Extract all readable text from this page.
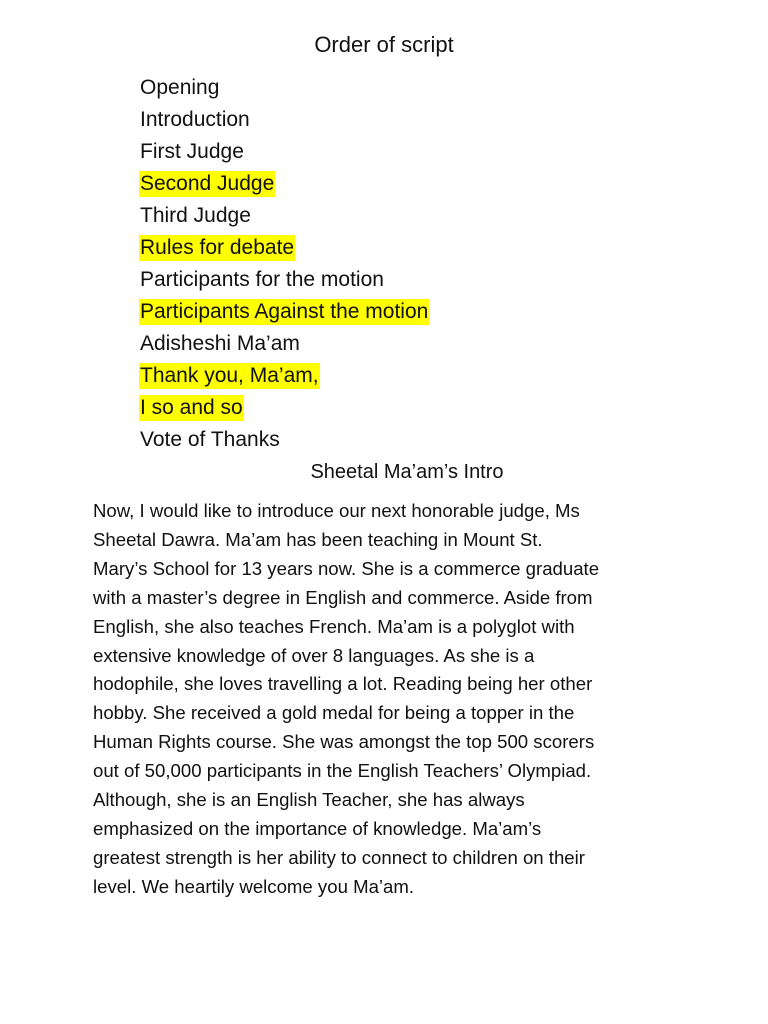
Order of script
Opening
Introduction
First Judge
Second Judge
Third Judge
Rules for debate
Participants for the motion
Participants Against the motion
Adisheshi Ma’am
Thank you, Ma’am,
I so and so
Vote of Thanks
Sheetal Ma’am’s Intro

Now, I would like to introduce our next honorable judge, Ms
Sheetal Dawra. Ma’am has been teaching in Mount St.
Mary’s School for 13 years now. She is a commerce graduate
with a master’s degree in English and commerce. Aside from
English, she also teaches French. Ma’am is a polyglot with
extensive knowledge of over 8 languages. As she is a
hodophile, she loves travelling a lot. Reading being her other
hobby. She received a gold medal for being a topper in the
Human Rights course. She was amongst the top 500 scorers
out of 50,000 participants in the English Teachers’ Olympiad.
Although, she is an English Teacher, she has always
emphasized on the importance of knowledge. Ma’am’s
greatest strength is her ability to connect to children on their
level. We heartily welcome you Ma’am.
